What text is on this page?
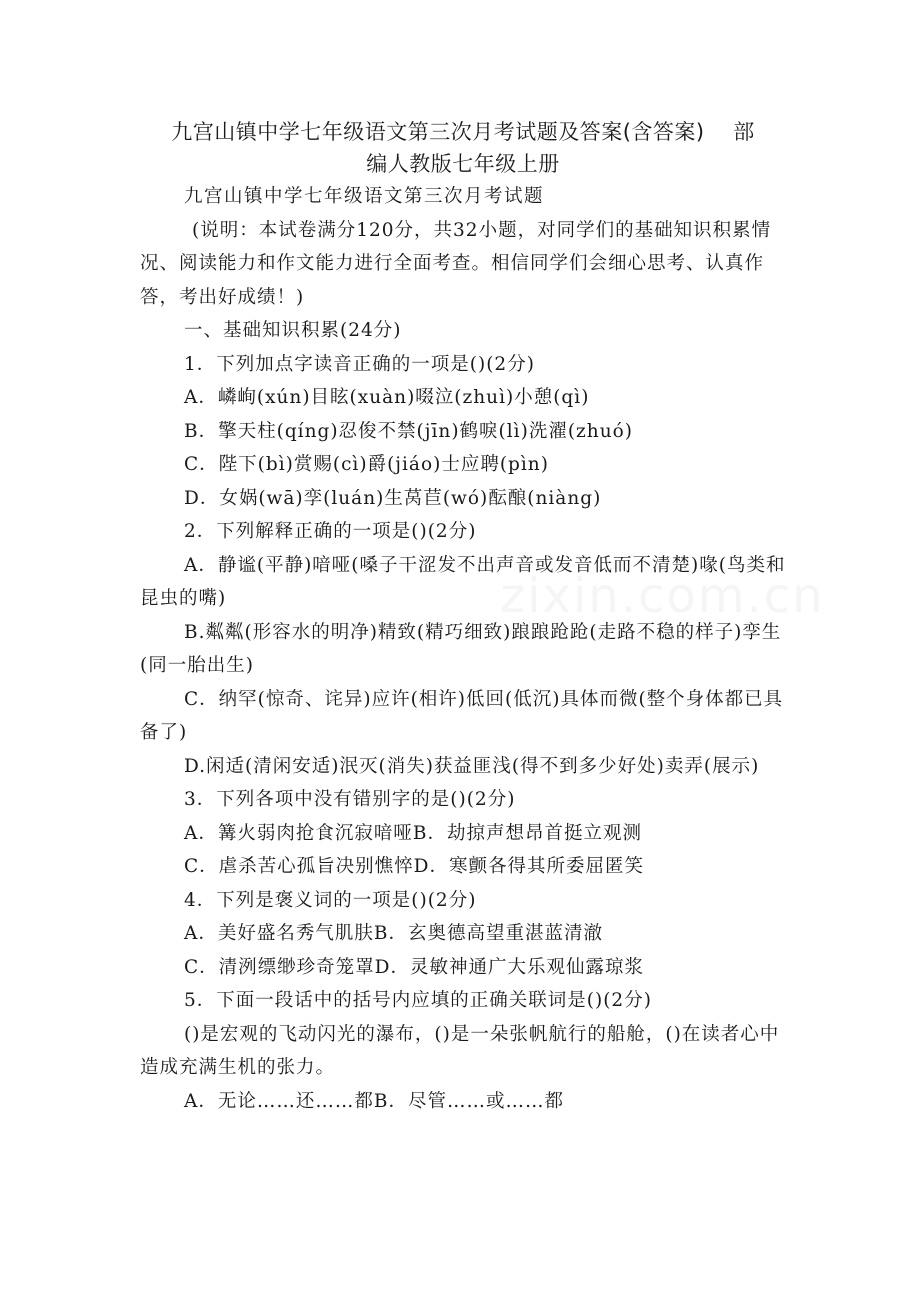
九宫山镇中学七年级语文第三次月考试题及答案(含答案)　 部
编人教版七年级上册

九宫山镇中学七年级语文第三次月考试题

(说明：本试卷满分120分，共32小题，对同学们的基础知识积累情况、阅读能力和作文能力进行全面考查。相信同学们会细心思考、认真作答，考出好成绩！)

一、基础知识积累(24分)

1．下列加点字读音正确的一项是()(2分)

A．嶙峋(xún)目眩(xuàn)啜泣(zhuì)小憩(qì)

B．擎天柱(qíng)忍俊不禁(jīn)鹤唳(lì)洗濯(zhuó)

C．陛下(bì)赏赐(cì)爵(jiáo)士应聘(pìn)

D．女娲(wā)孪(luán)生莴苣(wó)酝酿(niàng)

2．下列解释正确的一项是()(2分)

A．静谧(平静)喑哑(嗓子干涩发不出声音或发音低而不清楚)喙(鸟类和昆虫的嘴)

B.粼粼(形容水的明净)精致(精巧细致)踉踉跄跄(走路不稳的样子)孪生(同一胎出生)

C．纳罕(惊奇、诧异)应许(相许)低回(低沉)具体而微(整个身体都已具备了)

D.闲适(清闲安适)泯灭(消失)获益匪浅(得不到多少好处)卖弄(展示)

3．下列各项中没有错别字的是()(2分)

A．篝火弱肉抢食沉寂喑哑B．劫掠声想昂首挺立观测

C．虐杀苦心孤旨决别憔悴D．寒颤各得其所委屈匿笑

4．下列是褒义词的一项是()(2分)

A．美好盛名秀气肌肤B．玄奥德高望重湛蓝清澈

C．清洌缥缈珍奇笼罩D．灵敏神通广大乐观仙露琼浆

5．下面一段话中的括号内应填的正确关联词是()(2分)

()是宏观的飞动闪光的瀑布，()是一朵张帆航行的船舱，()在读者心中造成充满生机的张力。

A．无论……还……都B．尽管……或……都

zixin.com.cn
